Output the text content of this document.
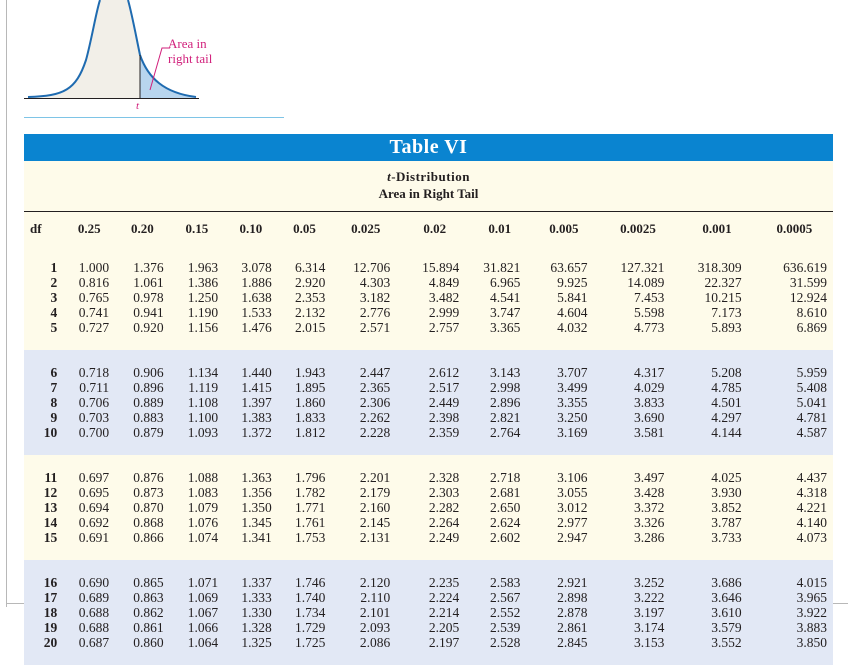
Area in
right tail
t
Table VI
t-Distribution
Area in Right Tail
df	0.25	0.20	0.15	0.10	0.05	0.025	0.02	0.01	0.005	0.0025	0.001	0.0005

1	1.000	1.376	1.963	3.078	6.314	12.706	15.894	31.821	63.657	127.321	318.309	636.619
2	0.816	1.061	1.386	1.886	2.920	4.303	4.849	6.965	9.925	14.089	22.327	31.599
3	0.765	0.978	1.250	1.638	2.353	3.182	3.482	4.541	5.841	7.453	10.215	12.924
4	0.741	0.941	1.190	1.533	2.132	2.776	2.999	3.747	4.604	5.598	7.173	8.610
5	0.727	0.920	1.156	1.476	2.015	2.571	2.757	3.365	4.032	4.773	5.893	6.869

6	0.718	0.906	1.134	1.440	1.943	2.447	2.612	3.143	3.707	4.317	5.208	5.959
7	0.711	0.896	1.119	1.415	1.895	2.365	2.517	2.998	3.499	4.029	4.785	5.408
8	0.706	0.889	1.108	1.397	1.860	2.306	2.449	2.896	3.355	3.833	4.501	5.041
9	0.703	0.883	1.100	1.383	1.833	2.262	2.398	2.821	3.250	3.690	4.297	4.781
10	0.700	0.879	1.093	1.372	1.812	2.228	2.359	2.764	3.169	3.581	4.144	4.587

11	0.697	0.876	1.088	1.363	1.796	2.201	2.328	2.718	3.106	3.497	4.025	4.437
12	0.695	0.873	1.083	1.356	1.782	2.179	2.303	2.681	3.055	3.428	3.930	4.318
13	0.694	0.870	1.079	1.350	1.771	2.160	2.282	2.650	3.012	3.372	3.852	4.221
14	0.692	0.868	1.076	1.345	1.761	2.145	2.264	2.624	2.977	3.326	3.787	4.140
15	0.691	0.866	1.074	1.341	1.753	2.131	2.249	2.602	2.947	3.286	3.733	4.073

16	0.690	0.865	1.071	1.337	1.746	2.120	2.235	2.583	2.921	3.252	3.686	4.015
17	0.689	0.863	1.069	1.333	1.740	2.110	2.224	2.567	2.898	3.222	3.646	3.965
18	0.688	0.862	1.067	1.330	1.734	2.101	2.214	2.552	2.878	3.197	3.610	3.922
19	0.688	0.861	1.066	1.328	1.729	2.093	2.205	2.539	2.861	3.174	3.579	3.883
20	0.687	0.860	1.064	1.325	1.725	2.086	2.197	2.528	2.845	3.153	3.552	3.850
